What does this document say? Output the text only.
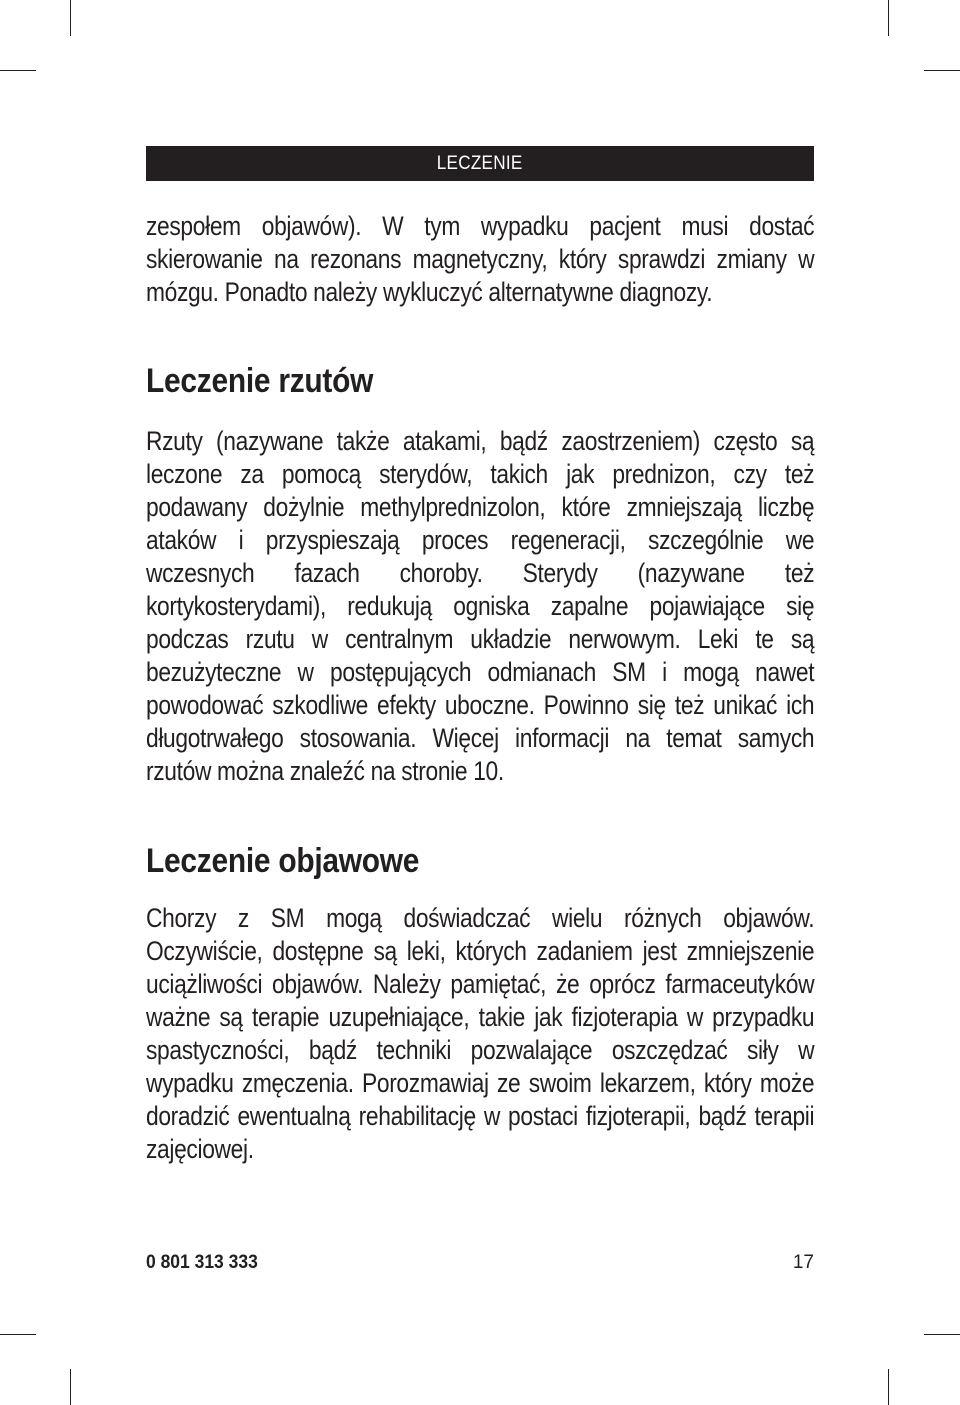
LECZENIE

zespołem objawów). W tym wypadku pacjent musi dostać skierowanie na rezonans magnetyczny, który sprawdzi zmiany w mózgu. Ponadto należy wykluczyć alternatywne diagnozy.

Leczenie rzutów

Rzuty (nazywane także atakami, bądź zaostrzeniem) często są leczone za pomocą sterydów, takich jak prednizon, czy też podawany dożylnie methylprednizolon, które zmniejszają liczbę ataków i przyspieszają proces regeneracji, szczególnie we wczesnych fazach choroby. Sterydy (nazywane też kortykosterydami), redukują ogniska zapalne pojawiające się podczas rzutu w centralnym układzie nerwowym. Leki te są bezużyteczne w postępujących odmianach SM i mogą nawet powodować szkodliwe efekty uboczne. Powinno się też unikać ich długotrwałego stosowania. Więcej informacji na temat samych rzutów można znaleźć na stronie 10.

Leczenie objawowe

Chorzy z SM mogą doświadczać wielu różnych objawów. Oczywiście, dostępne są leki, których zadaniem jest zmniejszenie uciążliwości objawów. Należy pamiętać, że oprócz farmaceutyków ważne są terapie uzupełniające, takie jak fizjoterapia w przypadku spastyczności, bądź techniki pozwalające oszczędzać siły w wypadku zmęczenia. Porozmawiaj ze swoim lekarzem, który może doradzić ewentualną rehabilitację w postaci fizjoterapii, bądź terapii zajęciowej.

0 801 313 333	17
